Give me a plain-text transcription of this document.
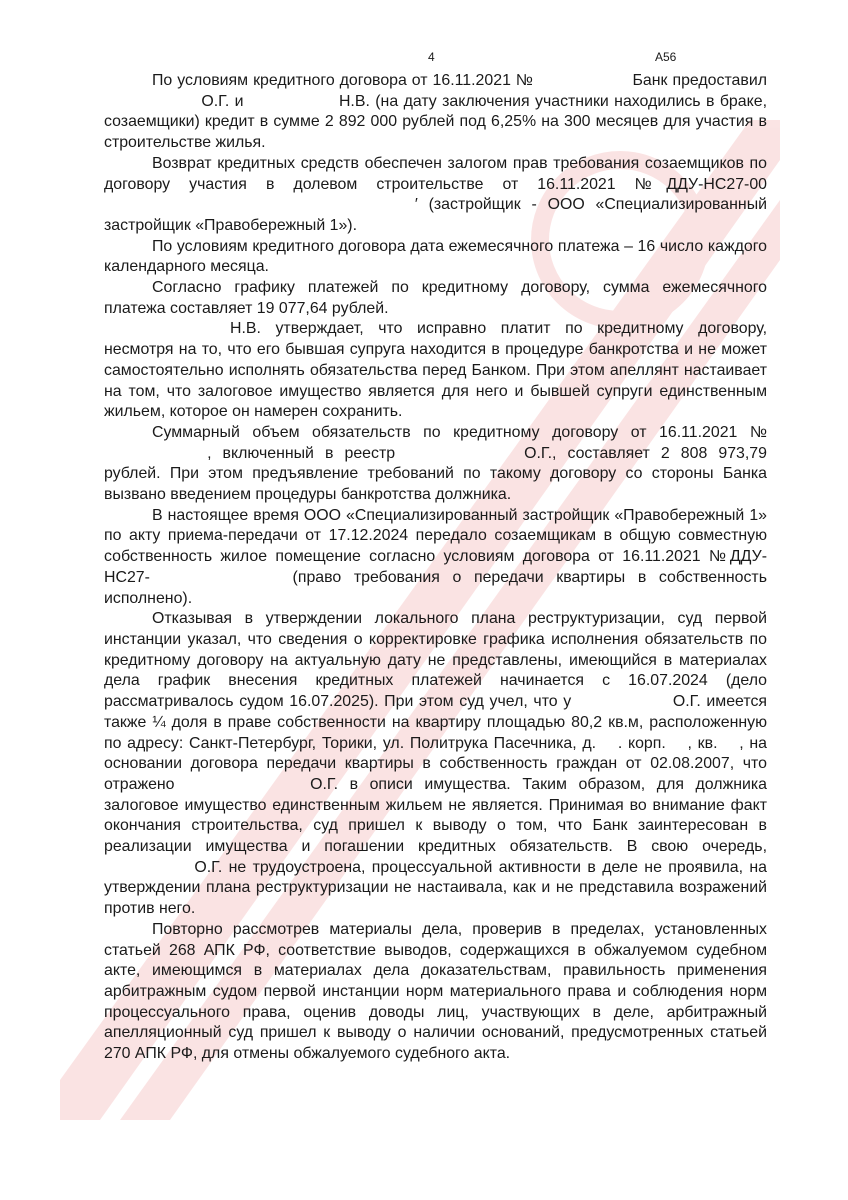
4	А56

По условиям кредитного договора от 16.11.2021 №	Банк предоставил О.Г. и	Н.В. (на дату заключения участники находились в браке, созаемщики) кредит в сумме 2 892 000 рублей под 6,25% на 300 месяцев для участия в строительстве жилья.

Возврат кредитных средств обеспечен залогом прав требования созаемщиков по договору участия в долевом строительстве от 16.11.2021 №ДДУ-НС27-00 ′ (застройщик - ООО «Специализированный застройщик «Правобережный 1»).

По условиям кредитного договора дата ежемесячного платежа – 16 число каждого календарного месяца.

Согласно графику платежей по кредитному договору, сумма ежемесячного платежа составляет 19 077,64 рублей.

Н.В. утверждает, что исправно платит по кредитному договору, несмотря на то, что его бывшая супруга находится в процедуре банкротства и не может самостоятельно исполнять обязательства перед Банком. При этом апеллянт настаивает на том, что залоговое имущество является для него и бывшей супруги единственным жильем, которое он намерен сохранить.

Суммарный объем обязательств по кредитному договору от 16.11.2021 № , включенный в реестр	О.Г., составляет 2 808 973,79 рублей. При этом предъявление требований по такому договору со стороны Банка вызвано введением процедуры банкротства должника.

В настоящее время ООО «Специализированный застройщик «Правобережный 1» по акту приема-передачи от 17.12.2024 передало созаемщикам в общую совместную собственность жилое помещение согласно условиям договора от 16.11.2021 №ДДУ-НС27-	(право требования о передачи квартиры в собственность исполнено).

Отказывая в утверждении локального плана реструктуризации, суд первой инстанции указал, что сведения о корректировке графика исполнения обязательств по кредитному договору на актуальную дату не представлены, имеющийся в материалах дела график внесения кредитных платежей начинается с 16.07.2024 (дело рассматривалось судом 16.07.2025). При этом суд учел, что у	О.Г. имеется также ¼ доля в праве собственности на квартиру площадью 80,2 кв.м, расположенную по адресу: Санкт-Петербург, Торики, ул. Политрука Пасечника, д. . корп. , кв. , на основании договора передачи квартиры в собственность граждан от 02.08.2007, что отражено	О.Г. в описи имущества. Таким образом, для должника залоговое имущество единственным жильем не является. Принимая во внимание факт окончания строительства, суд пришел к выводу о том, что Банк заинтересован в реализации имущества и погашении кредитных обязательств. В свою очередь, О.Г. не трудоустроена, процессуальной активности в деле не проявила, на утверждении плана реструктуризации не настаивала, как и не представила возражений против него.

Повторно рассмотрев материалы дела, проверив в пределах, установленных статьей 268 АПК РФ, соответствие выводов, содержащихся в обжалуемом судебном акте, имеющимся в материалах дела доказательствам, правильность применения арбитражным судом первой инстанции норм материального права и соблюдения норм процессуального права, оценив доводы лиц, участвующих в деле, арбитражный апелляционный суд пришел к выводу о наличии оснований, предусмотренных статьей 270 АПК РФ, для отмены обжалуемого судебного акта.
